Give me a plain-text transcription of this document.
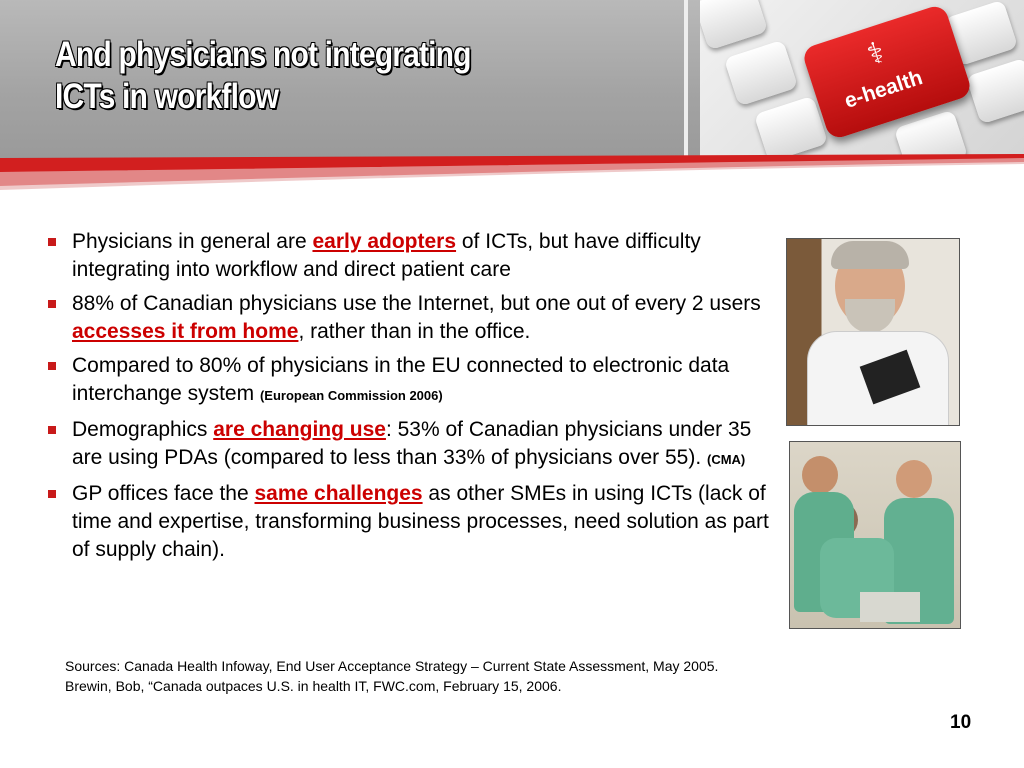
And physicians not integrating
ICTs in workflow
⚕
e-health
Physicians in general are early adopters of ICTs, but have difficulty integrating into workflow and direct patient care
88% of Canadian physicians use the Internet, but one out of every 2 users accesses it from home, rather than in the office.
Compared to 80% of physicians in the EU connected to electronic data interchange system (European Commission 2006)
Demographics are changing use: 53% of Canadian physicians under 35 are using PDAs (compared to less than 33% of physicians over 55). (CMA)
GP offices face the same challenges as other SMEs in using ICTs (lack of time and expertise, transforming business processes, need solution as part of supply chain).
Sources: Canada Health Infoway, End User Acceptance Strategy – Current State Assessment, May 2005.
Brewin, Bob, “Canada outpaces U.S. in health IT, FWC.com, February 15, 2006.
10
